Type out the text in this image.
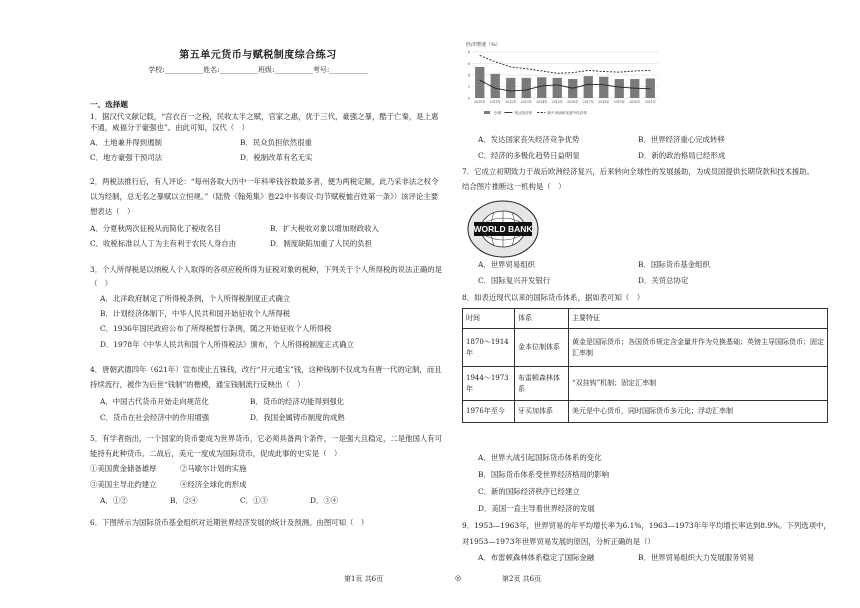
第五单元货币与赋税制度综合练习
学校:___________姓名:___________班级:___________考号:___________
一、选择题
1．据汉代文献记载，“宫衣百一之税，民收太半之赋，官家之惠，优于三代，豪强之暴，酷于亡秦，是上惠
不通，威福分于豪强也”。由此可知，汉代（　）
A．土地兼并得到遏制	B．民众负担依然很重
C．地方豪强干预司法	D．税制改革有名无实
2．两税法推行后，有人评论：“每州各取大历中一年科率钱谷数最多者，便为两税定额，此乃采非法之权令
以为经制，总无名之暴赋以立恒规。”（陆贽《翰苑集》卷22中书奏议·均节赋税恤百姓第一条》）该评论主要
想表达（　）
A．分夏秋两次征税从而简化了税收名目	B．扩大税收对象以增加财政收入
C．收税标准以人丁为主有利于农民人身自由	D．制度缺陷加重了人民的负担
3．个人所得税是以纳税人个人取得的各项应税所得为征税对象的税种，下列关于个人所得税的说法正确的是
（　）
A．北洋政府制定了所得税条例，个人所得税制度正式确立
B．计划经济体制下，中华人民共和国开始征收个人所得税
C．1936年国民政府公布了所得税暂行条例，随之开始征收个人所得税
D．1978年《中华人民共和国个人所得税法》颁布，个人所得税制度正式确立
4．唐朝武德四年（621年）宣布废止五铢钱，改行“开元通宝”钱，这种钱制不仅成为有唐一代的定制，而且
持续流行，被作为后世“钱制”的楷模，通宝钱制流行反映出（　）
A．中国古代货币开始走向规范化	B．货币的经济功能得到强化
C．货币在社会经济中的作用增强	D．我国金属铸币制度的成熟
5．有学者指出，一个国家的货币要成为世界货币，它必须具备两个条件，一是强大且稳定，二是他国人有可
能持有此种货币。二战后，美元一度成为国际货币，促成此事的史实是（　）
①美国黄金储备雄厚	②马歇尔计划的实施
③美国主导北约建立	④经济全球化的形成
A．①②	B．②④	C．①③	D．③④
6．下图所示为国际货币基金组织对近期世界经济发展的统计及预测。由图可知（　）
第1页 共6页	◎
经济增速（%）
2010年 2011年 2012年 2013年 2014年 2015年 2016年 2017年 2018年 2019年 2020年 2021年
0
2
4
6
8
全球	发达经济体	新兴市场和发展中经济体
A．发达国家丧失经济竞争优势	B．世界经济重心完成转移
C．经济的多极化趋势日益明显	D．新的政治格局已经形成
7．它成立初期致力于战后欧洲经济复兴，后来转向全球性的发展援助，为成员国提供长期贷款和技术援助。
结合图片推断这一机构是（　）
A．世界贸易组织	B．国际货币基金组织
C．国际复兴开发银行	D．关贸总协定
8．如表近现代以来的国际货币体系，据如表可知（　）
A．世界大战引起国际货币体系的变化
B．国际货币体系受世界经济格局的影响
C．新的国际经济秩序已经建立
D．美国一直主导着世界经济的发展
9．1953—1963年，世界贸易的年平均增长率为6.1%，1963—1973年年平均增长率达到8.9%。下列选项中，
对1953—1973年世界贸易发展的原因，分析正确的是（）
A．布雷顿森林体系稳定了国际金融	B．世界贸易组织大力发展服务贸易
第2页 共6页
WORLD BANK
时间	体系	主要特征
1870～1914年	金本位制体系	黄金是国际货币；各国货币规定含金量并作为兑换基础；英镑主导国际货币；固定汇率制
1944～1973年	布雷顿森林体系	“双挂钩”机制；固定汇率制
1976年至今	牙买加体系	美元是中心货币，同时国际货币多元化；浮动汇率制
